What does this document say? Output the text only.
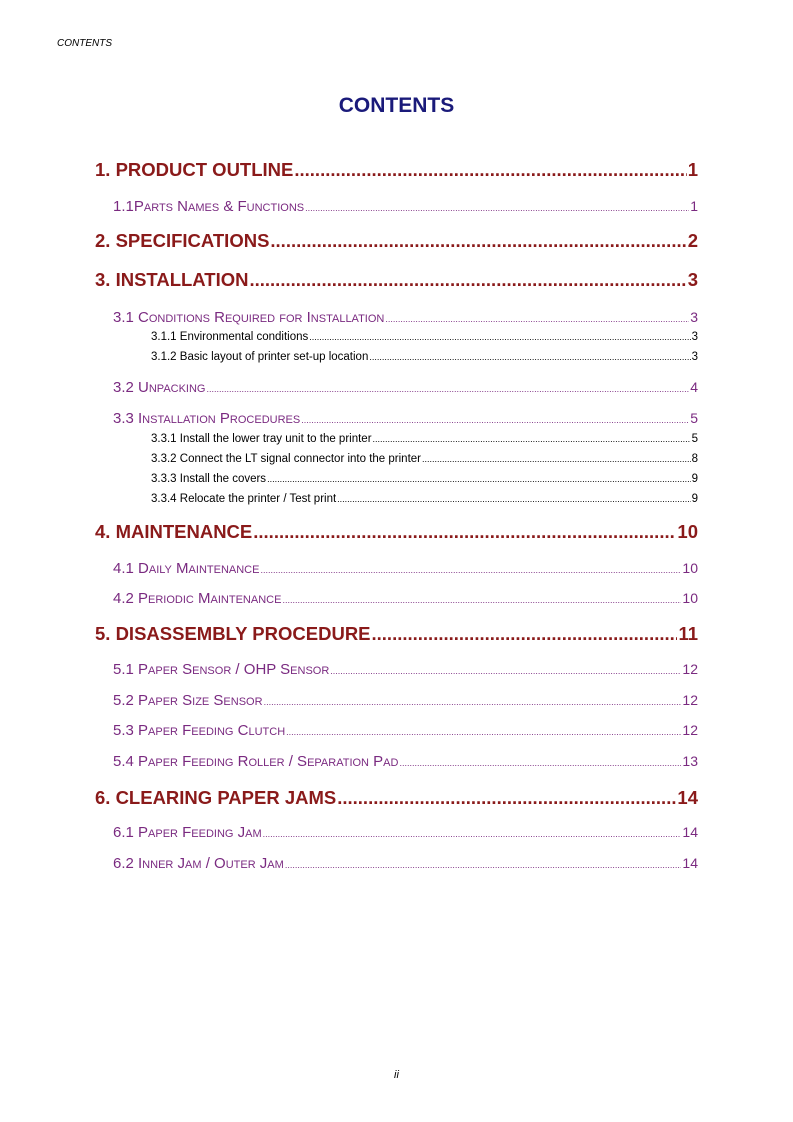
CONTENTS
CONTENTS
1. PRODUCT OUTLINE .....	1
1.1Parts Names & Functions .....	1
2. SPECIFICATIONS .....	2
3. INSTALLATION .....	3
3.1 Conditions Required for Installation .....	3
3.1.1 Environmental conditions .....	3
3.1.2 Basic layout of printer set-up location .....	3
3.2 Unpacking .....	4
3.3 Installation Procedures .....	5
3.3.1 Install the lower tray unit to the printer .....	5
3.3.2 Connect the LT signal connector into the printer .....	8
3.3.3 Install the covers .....	9
3.3.4 Relocate the printer / Test print .....	9
4. MAINTENANCE .....	10
4.1 Daily Maintenance .....	10
4.2 Periodic Maintenance .....	10
5. DISASSEMBLY PROCEDURE .....	11
5.1 Paper Sensor / OHP Sensor .....	12
5.2 Paper Size Sensor .....	12
5.3 Paper Feeding Clutch .....	12
5.4 Paper Feeding Roller / Separation Pad .....	13
6. CLEARING PAPER JAMS .....	14
6.1 Paper Feeding Jam .....	14
6.2 Inner Jam / Outer Jam .....	14
ii
